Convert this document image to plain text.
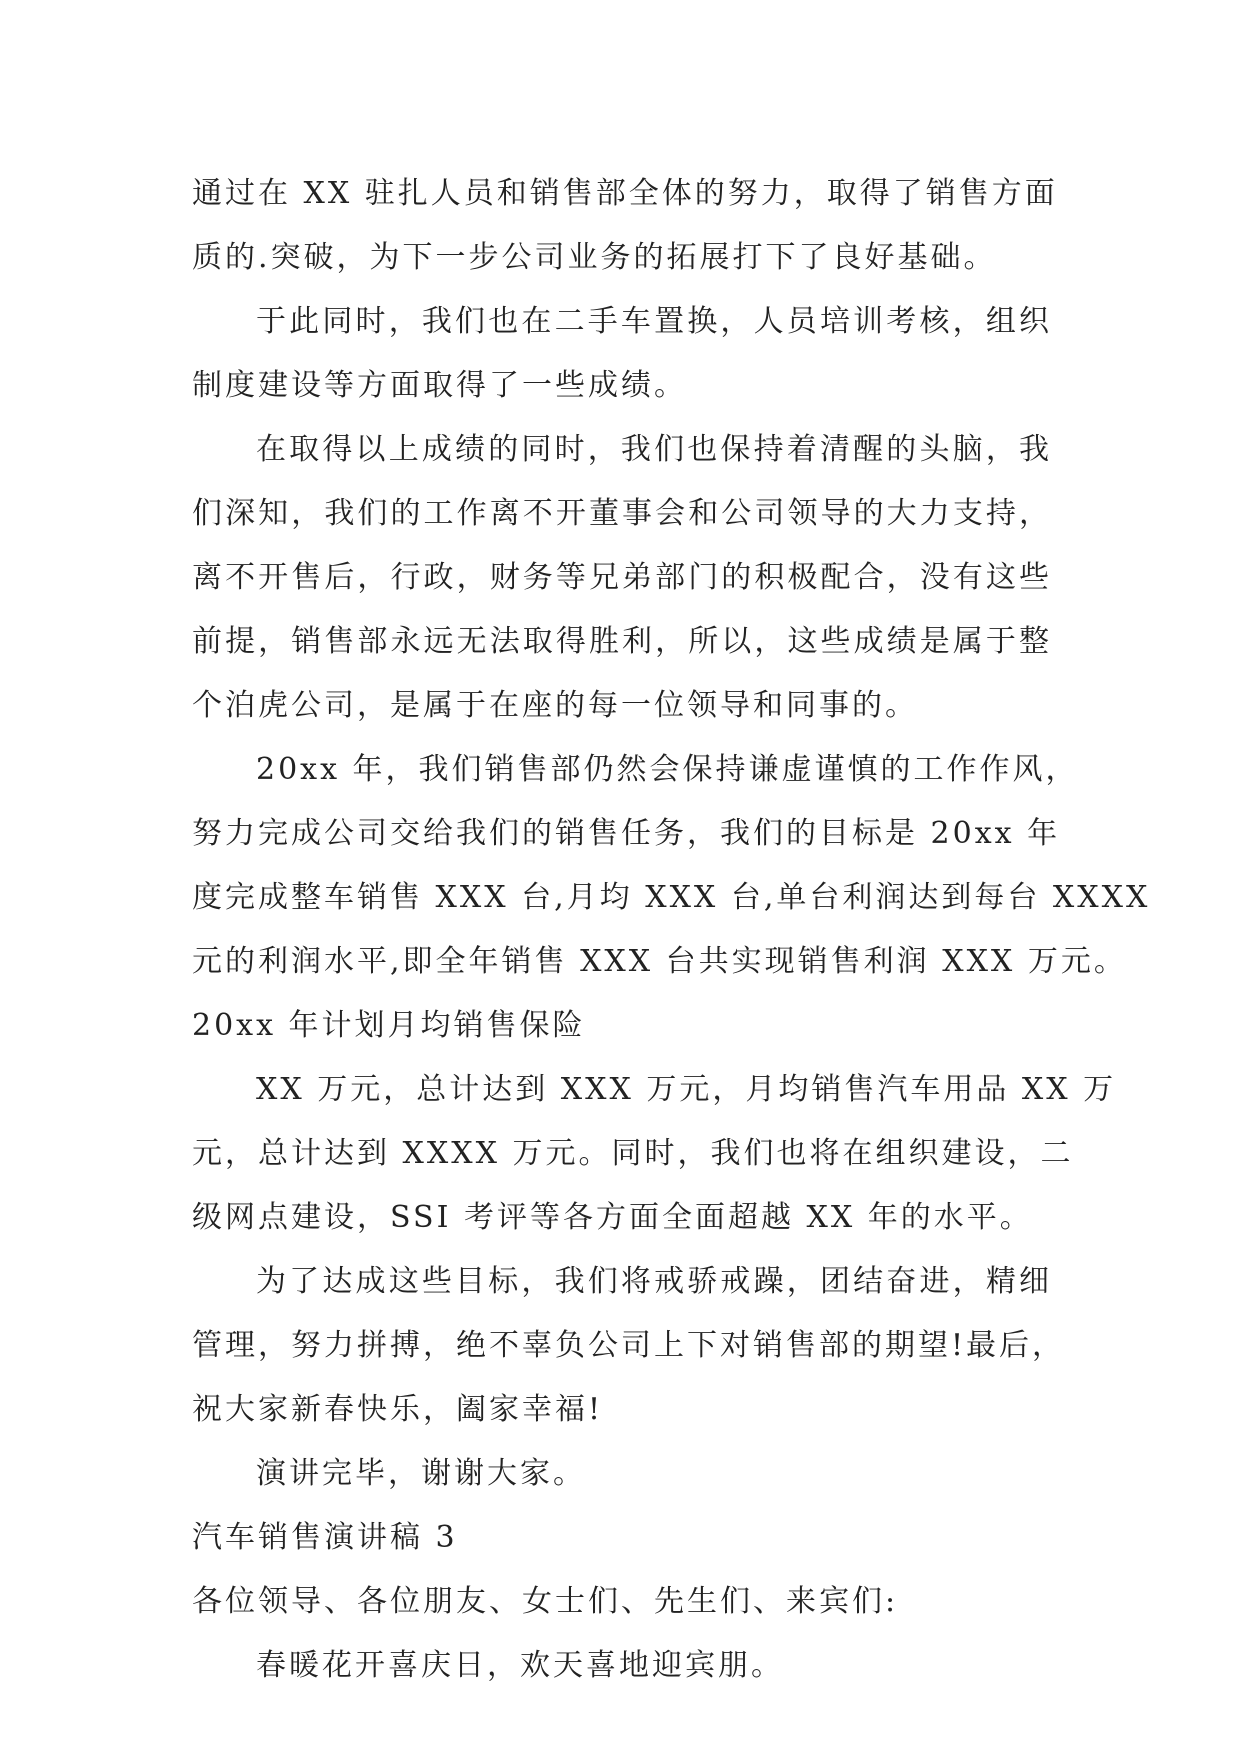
通过在 XX 驻扎人员和销售部全体的努力，取得了销售方面
质的.突破，为下一步公司业务的拓展打下了良好基础。
于此同时，我们也在二手车置换，人员培训考核，组织
制度建设等方面取得了一些成绩。
在取得以上成绩的同时，我们也保持着清醒的头脑，我
们深知，我们的工作离不开董事会和公司领导的大力支持，
离不开售后，行政，财务等兄弟部门的积极配合，没有这些
前提，销售部永远无法取得胜利，所以，这些成绩是属于整
个泊虎公司，是属于在座的每一位领导和同事的。
20xx 年，我们销售部仍然会保持谦虚谨慎的工作作风，
努力完成公司交给我们的销售任务，我们的目标是 20xx 年
度完成整车销售 XXX 台,月均 XXX 台,单台利润达到每台 XXXX
元的利润水平,即全年销售 XXX 台共实现销售利润 XXX 万元。
20xx 年计划月均销售保险
XX 万元，总计达到 XXX 万元，月均销售汽车用品 XX 万
元，总计达到 XXXX 万元。同时，我们也将在组织建设，二
级网点建设，SSI 考评等各方面全面超越 XX 年的水平。
为了达成这些目标，我们将戒骄戒躁，团结奋进，精细
管理，努力拼搏，绝不辜负公司上下对销售部的期望!最后，
祝大家新春快乐，阖家幸福!
演讲完毕，谢谢大家。
汽车销售演讲稿 3
各位领导、各位朋友、女士们、先生们、来宾们:
春暖花开喜庆日，欢天喜地迎宾朋。
